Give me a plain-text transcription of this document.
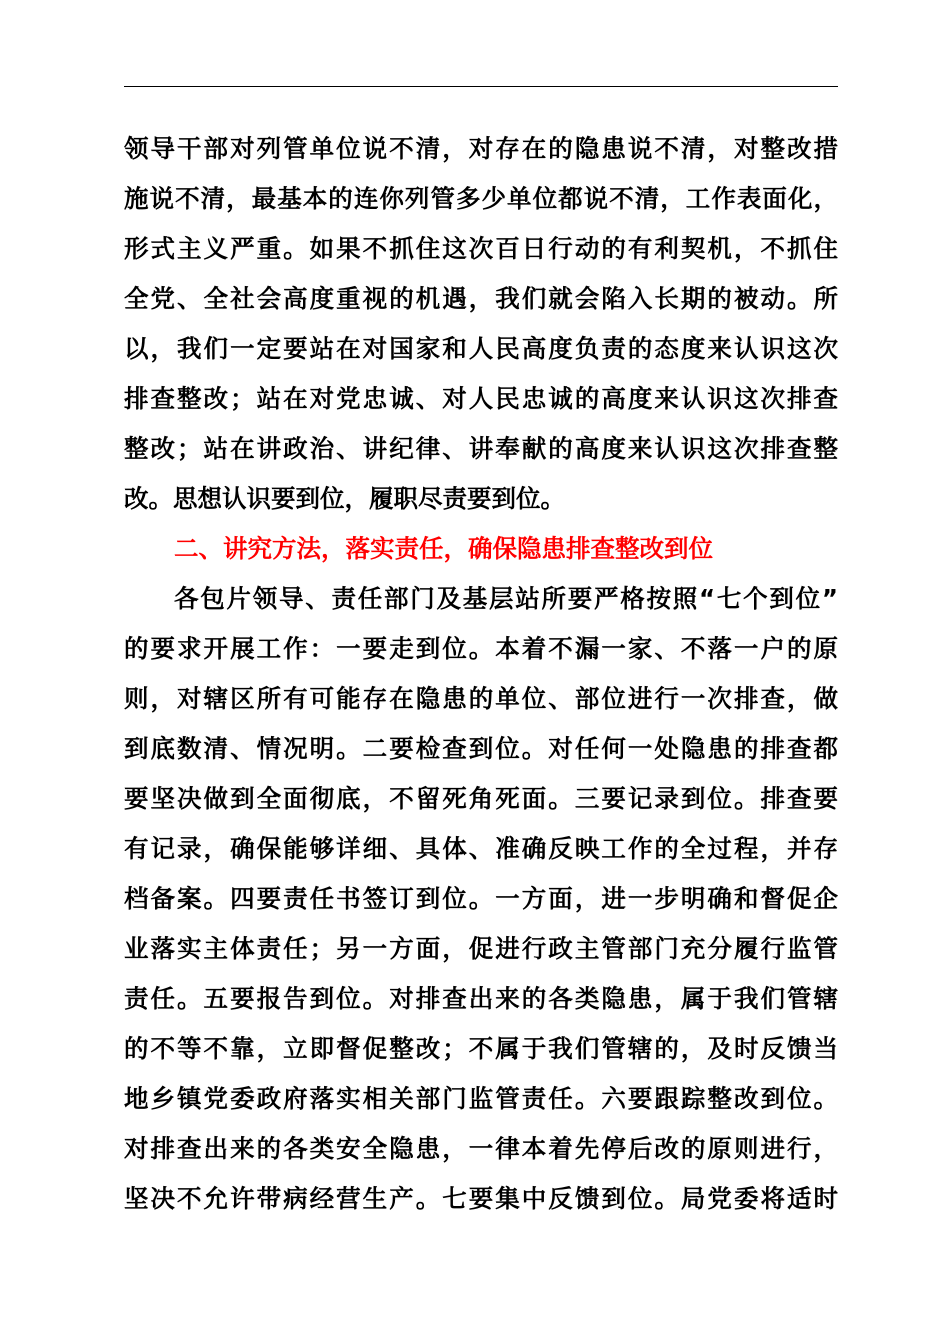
领导干部对列管单位说不清，对存在的隐患说不清，对整改措
施说不清，最基本的连你列管多少单位都说不清，工作表面化，
形式主义严重。如果不抓住这次百日行动的有利契机，不抓住
全党、全社会高度重视的机遇，我们就会陷入长期的被动。所
以，我们一定要站在对国家和人民高度负责的态度来认识这次
排查整改；站在对党忠诚、对人民忠诚的高度来认识这次排查
整改；站在讲政治、讲纪律、讲奉献的高度来认识这次排查整
改。思想认识要到位，履职尽责要到位。
二、讲究方法，落实责任，确保隐患排查整改到位
各包片领导、责任部门及基层站所要严格按照“七个到位”
的要求开展工作：一要走到位。本着不漏一家、不落一户的原
则，对辖区所有可能存在隐患的单位、部位进行一次排查，做
到底数清、情况明。二要检查到位。对任何一处隐患的排查都
要坚决做到全面彻底，不留死角死面。三要记录到位。排查要
有记录，确保能够详细、具体、准确反映工作的全过程，并存
档备案。四要责任书签订到位。一方面，进一步明确和督促企
业落实主体责任；另一方面，促进行政主管部门充分履行监管
责任。五要报告到位。对排查出来的各类隐患，属于我们管辖
的不等不靠，立即督促整改；不属于我们管辖的，及时反馈当
地乡镇党委政府落实相关部门监管责任。六要跟踪整改到位。
对排查出来的各类安全隐患，一律本着先停后改的原则进行，
坚决不允许带病经营生产。七要集中反馈到位。局党委将适时
